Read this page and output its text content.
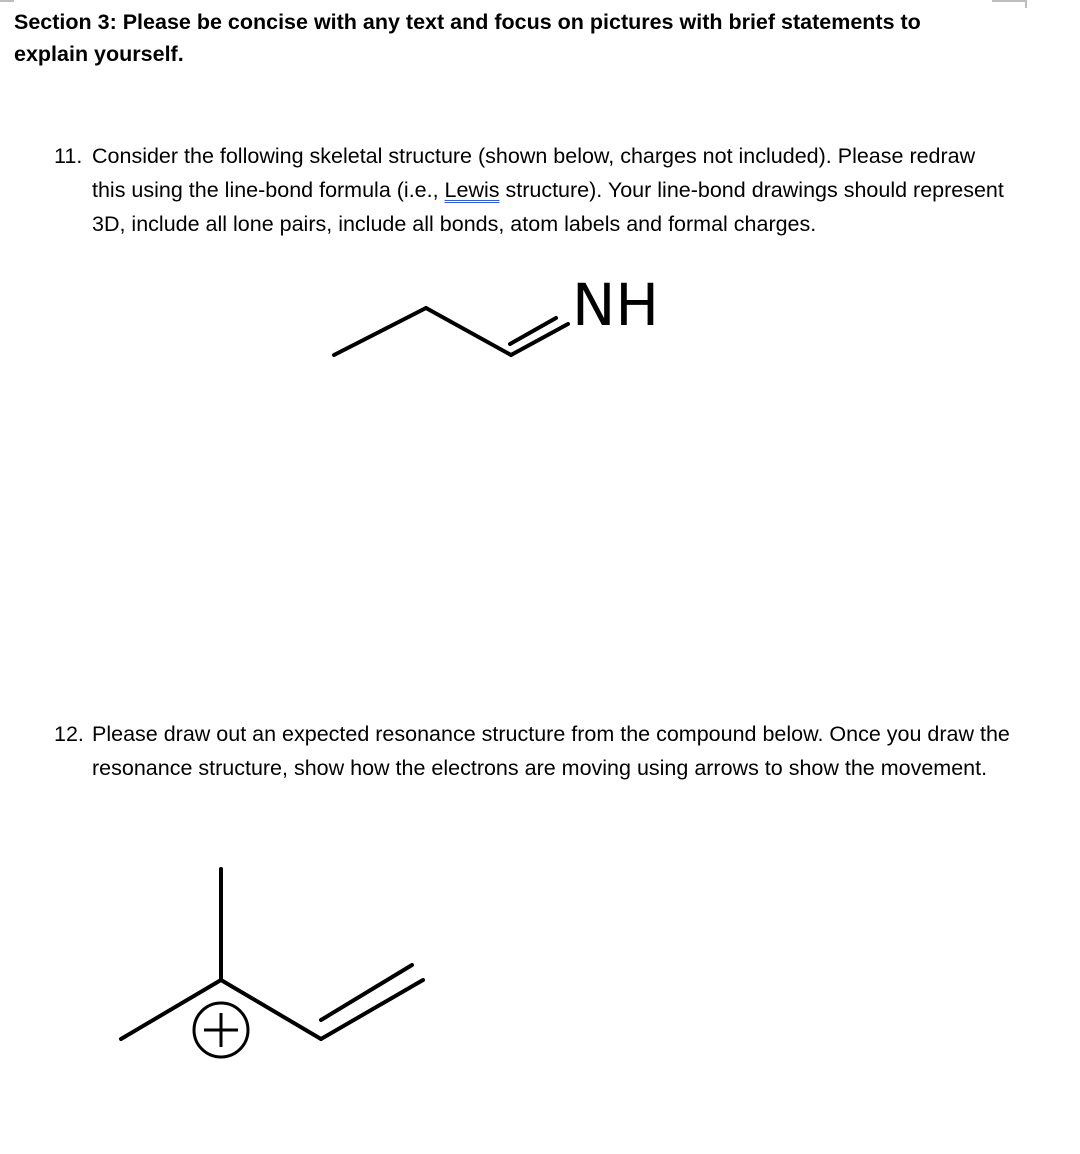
Section 3: Please be concise with any text and focus on pictures with brief statements to explain yourself.
11. Consider the following skeletal structure (shown below, charges not included). Please redraw this using the line-bond formula (i.e., Lewis structure). Your line-bond drawings should represent 3D, include all lone pairs, include all bonds, atom labels and formal charges.
NH
12. Please draw out an expected resonance structure from the compound below. Once you draw the resonance structure, show how the electrons are moving using arrows to show the movement.
